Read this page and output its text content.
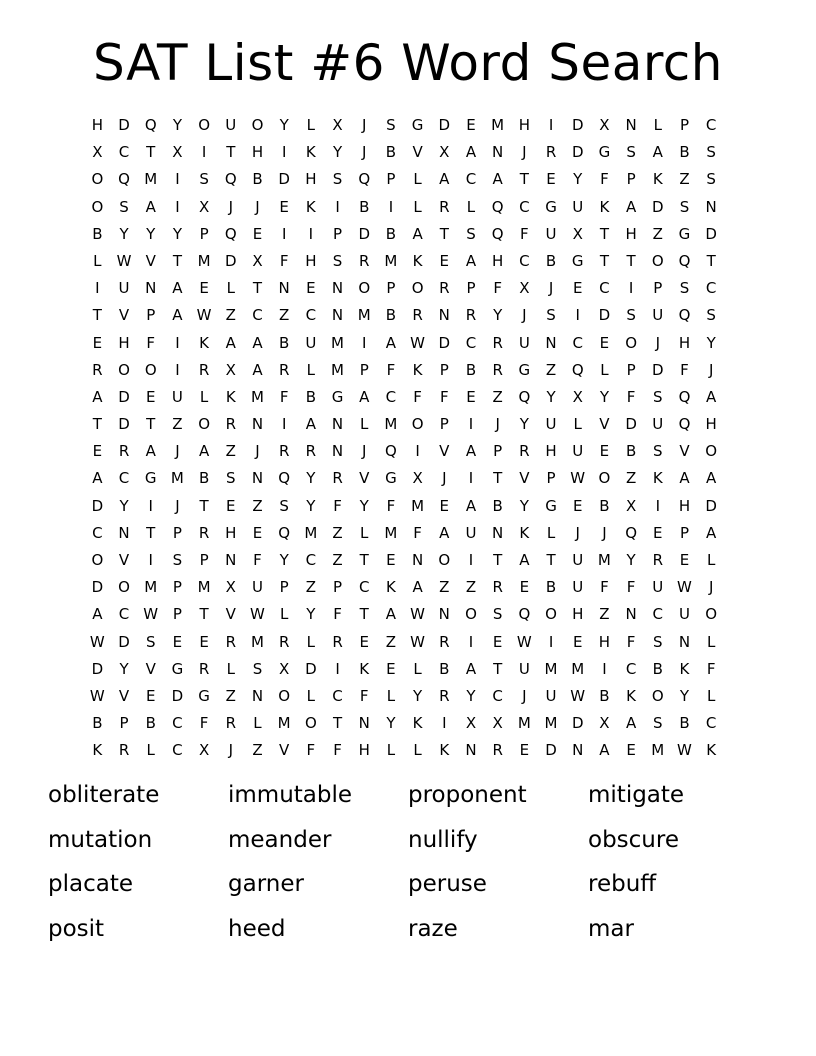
SAT List #6 Word Search
H	D	Q	Y	O	U	O	Y	L	X	J	S	G	D	E	M H	I	D	X	N	L	P	C
X	C	T	X	I	T	H	I	K	Y	J	B	V	X	A	N	J	R	D	G	S	A	B	S
O Q M	I	S	Q	B	D	H	S	Q	P	L	A	C	A	T	E	Y	F	P	K	Z	S
O	S	A	I	X	J	J	E	K	I	B	I	L	R	L	Q	C	G	U	K	A	D	S	N
B	Y	Y	Y	P	Q	E	I	I	P	D	B	A	T	S	Q	F	U	X	T	H	Z	G	D
L	W V	T	M D	X	F	H	S	R M	K	E	A	H	C	B	G	T	T	O Q	T
I	U	N	A	E	L	T	N	E	N	O	P	O	R	P	F	X	J	E	C	I	P	S	C
T	V	P	A W Z	C	Z	C	N M	B	R	N	R	Y	J	S	I	D	S	U	Q	S
E	H	F	I	K	A	A	B	U M	I	A W D	C	R	U	N	C	E	O	J	H	Y
R	O O	I	R	X	A	R	L	M	P	F	K	P	B	R	G	Z	Q	L	P	D	F	J
A	D	E	U	L	K	M	F	B	G	A	C	F	F	E	Z	Q	Y	X	Y	F	S	Q	A
T	D	T	Z	O	R	N	I	A	N	L	M O	P	I	J	Y	U	L	V	D	U	Q	H
E	R	A	J	A	Z	J	R	R	N	J	Q	I	V	A	P	R	H	U	E	B	S	V	O
A	C	G M	B	S	N	Q	Y	R	V	G	X	J	I	T	V	P W O	Z	K	A	A
D	Y	I	J	T	E	Z	S	Y	F	Y	F	M	E	A	B	Y	G	E	B	X	I	H	D
C	N	T	P	R	H	E	Q M	Z	L	M	F	A	U	N	K	L	J	J	Q	E	P	A
O	V	I	S	P	N	F	Y	C	Z	T	E	N	O	I	T	A	T	U M	Y	R	E	L
D	O M	P	M	X	U	P	Z	P	C	K	A	Z	Z	R	E	B	U	F	F	U W	J
A	C W P	T	V W	L	Y	F	T	A W N	O	S	Q O	H	Z	N	C	U	O
W D	S	E	E	R M	R	L	R	E	Z W R	I	E W	I	E	H	F	S	N	L
D	Y	V	G	R	L	S	X	D	I	K	E	L	B	A	T	U M M	I	C	B	K	F
W V	E	D	G	Z	N	O	L	C	F	L	Y	R	Y	C	J	U W B	K	O	Y	L
B	P	B	C	F	R	L	M O	T	N	Y	K	I	X	X	M M D	X	A	S	B	C
K	R	L	C	X	J	Z	V	F	F	H	L	L	K	N	R	E	D	N	A	E	M W K
obliterate	immutable	proponent	mitigate
mutation	meander	nullify	obscure
placate	garner	peruse	rebuff
posit	heed	raze	mar
